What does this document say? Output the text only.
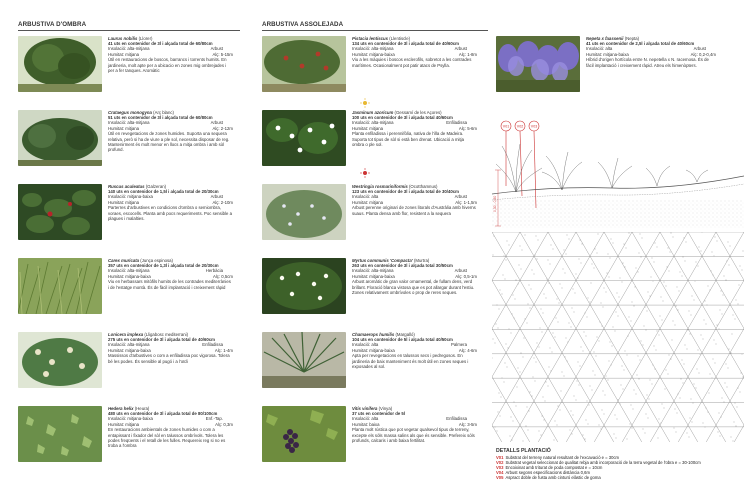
ARBUSTIVA D'OMBRA	ARBUSTIVA ASSOLEJADA
Laurus nobilis (Llorer)
41 uts en contenidor de 3l i alçada total de 60/80cm
Insolació: alta-mitjana	Arbust
Humitat: mitjana	Alç: 5-15m
Útil en restauracions de boscos, barrancs i torrents humits. En jardineria, molt apte per a ubicacio en zones mig ombrejades i per a fer tanques. Aromàtic
Crataegus monogyna (Arç blanc)
51 uts en contenidor de 3l i alçada total de 60/80cm
Insolació: alta-mitjana	Arbust
Humitat: mitjana	Alç: 2-12m
Útil en revegetacions de zones humides. Suporta una sequera relativa, però si ha de viure a ple sol, necessita disposar de reg. Mantenirment és molt menor en llocs a mitja ombra i amb sòl profund.
Ruscus aculeatus (Galzeran)
140 uts en contenidor de 1,5l i alçada total de 20/30cm
Insolació: mitjana-baixa	Arbust
Humitat: mitjana	Alç: 2-10m
Parterres d'arbustives en condicions d'ombra o semiombra, voraes, escocells. Planta amb pocs requeriments. Poc sensible a plagues i malalties.
Carex muricata (Junça espinosa)
357 uts en contenidor de 1,3l i alçada total de 20/30cm
Insolació: alta-mitjana	Herbàcia
Humitat: mitjana-baixa	Alç: 0,5cm
Viu en herbassars mitòfils humits de les contrades mediterrànies i de l'estatge montà. És de fàcil implantació i creixement ràpid
Lonicera implexa (Lligabosc mediterrani)
275 uts en contenidor de 3l i alçada total de 40/60cm
Insolació: alta-mitjana	Enfiladissa
Humitat: mitjana-baixa	Alç: 1-4m
Massissos d'arbustives o com a enfiladissa poc vigorosa. Tolera bé les podes. És sensible al pugó i a l'oïdi
Hedera helix (Heura)
480 uts en contenidor de 3l i alçada total de 80/100cm
Insolació: mitjana-baixa	Enf.-Tap.
Humitat: mitjana	Alç: 0,3m
En restauracions ambientals de zones humides o com a entapissant i fixador del sòl en talussos ombrívols. Tolera les podes freqüents i el retall de les fulles. Requereix reg si no es troba a l'ombra
Pistacia lentiscus (Llentiscle)
134 uts en contenidor de 3l i alçada total de 40/60cm
Insolació: alta-mitjana	Arbust
Humitat: mitjana-baixa	Alç: 1-8m
Viu a les màquies i boscos esclerofils, sobretot a les contrades marítimes. Ocasionalment pot patir atacs de Psylla.
Jasminum azoricum (Gessamí de les Açores)
100 uts en contenidor de 3l i alçada total 40/60cm
Insolació: alta-mitjana	Enfiladissa
Humitat: mitjana	Alç: 5-6m
Planta enfiladissa i perennifòlia, nativa de l'illa de Madeira. Suporta tot tipus de sòl si està ben drenat. Ubicació a mitja ombra o ple sol.
Westringia rosmariniformis (Ocotthamnus)
123 uts en contenidor de 3l i alçada total de 30/40cm
Insolació: alta	Arbust
Humitat: mitjana	Alç: 1-1,5m
Arbust perenne originari de zones litorals d'Austràlia amb hiverns suaus. Planta densa amb flor, resistent a la sequera
Myrtus communis 'Compacta' (Murtra)
263 uts en contenidor de 3l i alçada total 30/50cm
Insolació: alta-mitjana	Arbust
Humitat: mitjana-baixa	Alç: 0,5-1m
Arbust aromàtic de gran valor ornamental, de fullam dens, verd brillant. Floració blanca vistosa que es pot allargar durant l'estiu. Zones relativament ombrívoles o prop de reres seques.
Chamaerops humilis (Margalló)
104 uts en contenidor de 5l i alçada total 40/50cm
Insolació: alta	Palmera
Humitat: mitjana-baixa	Alç: 4-6m
Apta per revegetacions en talussos secs i pedregosos. En jardineria de baix manteniment és molt útil en zones seques i exposades al sol.
Vitis vinifera (Vinya)
37 uts en contenidor de 5l
Insolació: alta	Enfiladissa
Humitat: baixa	Alç: 3-5m
Planta molt rústica que pot vegetar qualsevol tipus de terreny, excepte els sòls massa salins als que és sensible. Prefereix sòls profunds, calcaris i amb baixa fertilitat.
Nepeta x faassenii (Nepta)
41 uts en contenidor de 2,5l i alçada total de 40/60cm
Insolació: alta	Arbust
Humitat: mitjana-baixa	Alç: 0,2-0,4m
Híbrid d'origen hortícola entre N. nepetella x N. racemosa. És de fàcil implantació i creixement ràpid. Atreu els himenòpters.
V01 V02 V03
0,30 - 0,50
DETALLS PLANTACIÓ
V01 Substrat del terreny natural resultant de l'excavació e = 30cm
V02 Substrat vegetal seleccionat de qualitat rebja amb incorporació de la terra vegetal de l'obra e = 30-100cm
V03 Encoixinat amb triturat de poda compostat e = 10cm
V04 Arbust segons especificacions distància 0,6m
V05 Aspract doble de fusta amb cinturó elàstic de goma
